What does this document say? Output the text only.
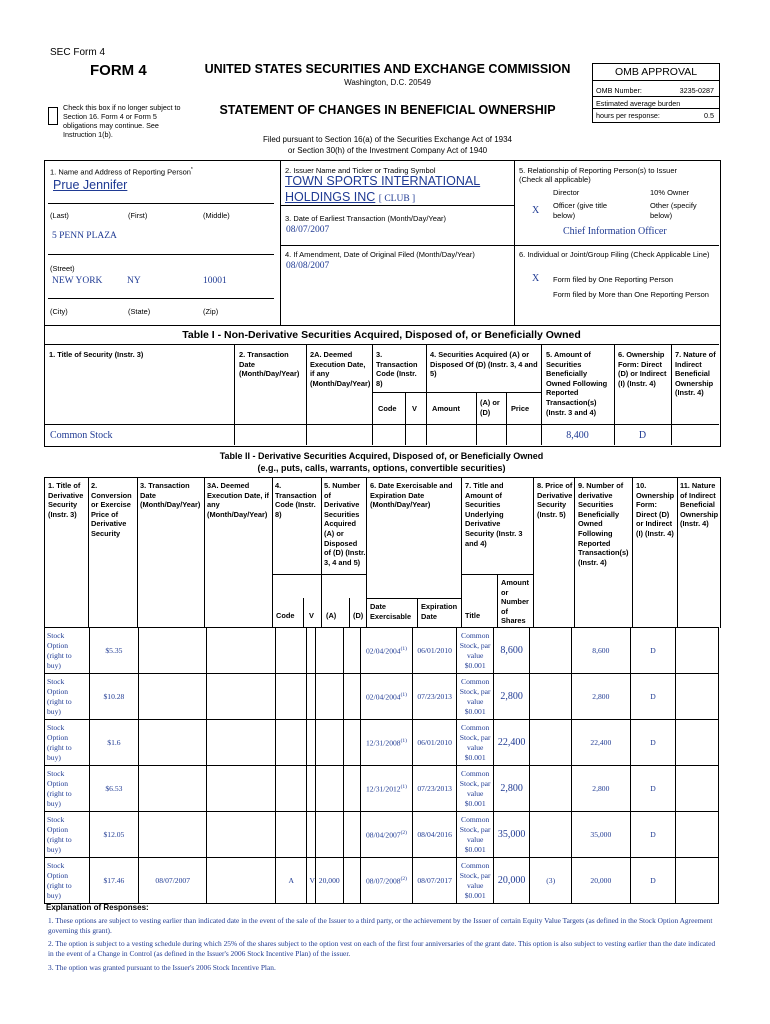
SEC Form 4
FORM 4	UNITED STATES SECURITIES AND EXCHANGE COMMISSION
Washington, D.C. 20549
Check this box if no longer subject to Section 16. Form 4 or Form 5 obligations may continue. See Instruction 1(b).
STATEMENT OF CHANGES IN BENEFICIAL OWNERSHIP
Filed pursuant to Section 16(a) of the Securities Exchange Act of 1934
or Section 30(h) of the Investment Company Act of 1940
OMB APPROVAL
OMB Number:	3235-0287
Estimated average burden
hours per response:	0.5
1. Name and Address of Reporting Person*
Prue Jennifer
(Last)	(First)	(Middle)
5 PENN PLAZA
(Street)
NEW YORK	NY	10001
(City)	(State)	(Zip)
2. Issuer Name and Ticker or Trading Symbol
TOWN SPORTS INTERNATIONAL
HOLDINGS INC [ CLUB ]
3. Date of Earliest Transaction (Month/Day/Year)
08/07/2007
4. If Amendment, Date of Original Filed (Month/Day/Year)
08/08/2007
5. Relationship of Reporting Person(s) to Issuer
(Check all applicable)
Director	10% Owner
X Officer (give title below)
Other (specify below)
Chief Information Officer
6. Individual or Joint/Group Filing (Check Applicable Line)
X Form filed by One Reporting Person
Form filed by More than One Reporting Person
Table I - Non-Derivative Securities Acquired, Disposed of, or Beneficially Owned
1. Title of Security (Instr. 3)	2. Transaction Date (Month/Day/Year)
2A. Deemed Execution Date, if any (Month/Day/Year)
3. Transaction Code (Instr. 8)
4. Securities Acquired (A) or Disposed Of (D) (Instr. 3, 4 and 5)
5. Amount of Securities Beneficially Owned Following Reported Transaction(s) (Instr. 3 and 4)
6. Ownership Form: Direct (D) or Indirect (I) (Instr. 4)
7. Nature of Indirect Beneficial Ownership (Instr. 4)
Code V Amount
(A) or (D)	Price
Common Stock	8,400	D
Table II - Derivative Securities Acquired, Disposed of, or Beneficially Owned
(e.g., puts, calls, warrants, options, convertible securities)
1. Title of Derivative Security (Instr. 3)
2. Conversion or Exercise Price of Derivative Security
3. Transaction Date (Month/Day/Year)
3A. Deemed Execution Date, if any (Month/Day/Year)
4. Transaction Code (Instr. 8)
5. Number of Derivative Securities Acquired (A) or Disposed of (D) (Instr. 3, 4 and 5)
6. Date Exercisable and Expiration Date (Month/Day/Year)
7. Title and Amount of Securities Underlying Derivative Security (Instr. 3 and 4)
8. Price of Derivative Security (Instr. 5)
9. Number of derivative Securities Beneficially Owned Following Reported Transaction(s) (Instr. 4)
10. Ownership Form: Direct (D) or Indirect (I) (Instr. 4)
11. Nature of Indirect Beneficial Ownership (Instr. 4)
Code V (A) (D)
Date Exercisable
Expiration Date	Title
Amount or Number of Shares
Stock Option (right to buy)	$5.35							02/04/2004$^{(1)}$	06/01/2010	Common Stock, par value $0.001	8,600		8,600	D	
Stock Option (right to buy)	$10.28							02/04/2004$^{(1)}$	07/23/2013	Common Stock, par value $0.001	2,800		2,800	D	
Stock Option (right to buy)	$1.6							12/31/2008$^{(1)}$	06/01/2010	Common Stock, par value $0.001	22,400		22,400	D	
Stock Option (right to buy)	$6.53							12/31/2012$^{(1)}$	07/23/2013	Common Stock, par value $0.001	2,800		2,800	D	
Stock Option (right to buy)	$12.05							08/04/2007$^{(2)}$	08/04/2016	Common Stock, par value $0.001	35,000		35,000	D	
Stock Option (right to buy)	$17.46	08/07/2007		A	V	20,000		08/07/2008$^{(2)}$	08/07/2017	Common Stock, par value $0.001	20,000	(3)	20,000	D	
Explanation of Responses:
1. These options are subject to vesting earlier than indicated date in the event of the sale of the Issuer to a third party, or the achievement by the Issuer of certain Equity Value Targets (as defined in the Stock Option Agreement governing this grant).
2. The option is subject to a vesting schedule during which 25% of the shares subject to the option vest on each of the first four anniversaries of the grant date. This option is also subject to vesting earlier than the date indicated in the event of a Change in Control (as defined in the Issuer's 2006 Stock Incentive Plan) of the issuer.
3. The option was granted pursuant to the Issuer's 2006 Stock Incentive Plan.
